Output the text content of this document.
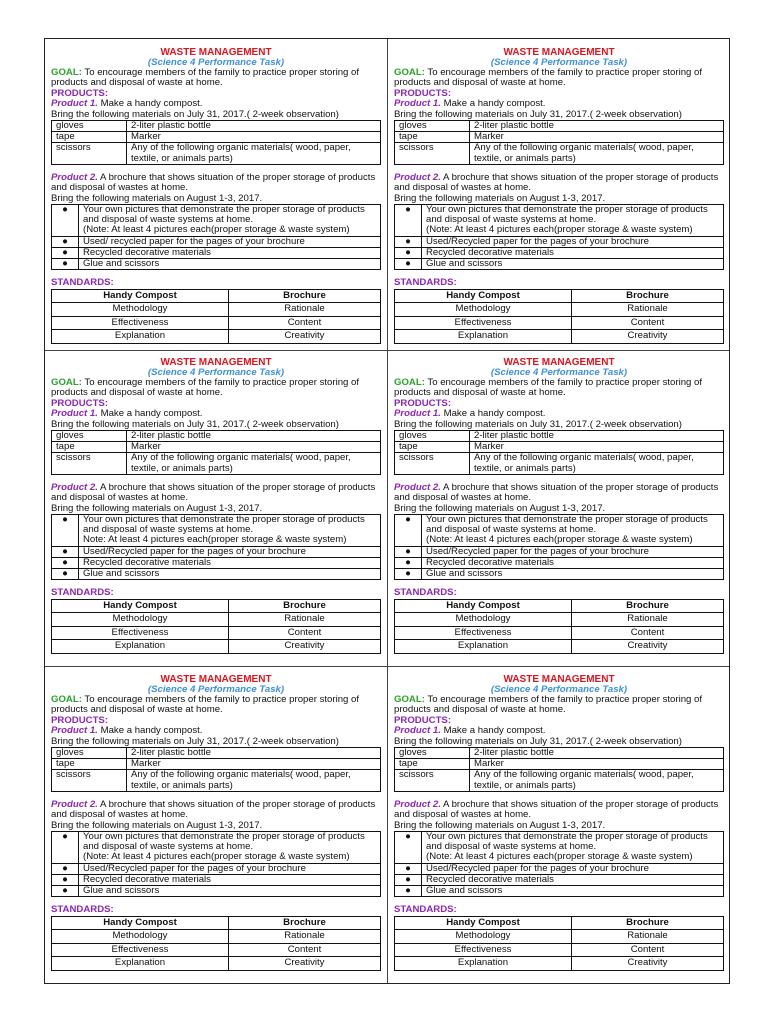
WASTE MANAGEMENT
(Science 4 Performance Task)
GOAL: To encourage members of the family to practice proper storing of products and disposal of waste at home.
PRODUCTS:
Product 1. Make a handy compost.
Bring the following materials on July 31, 2017.( 2-week observation)
gloves	2-liter plastic bottle
tape	Marker
scissors	Any of the following organic materials( wood, paper, textile, or animals parts)
Product 2. A brochure that shows situation of the proper storage of products and disposal of wastes at home.
Bring the following materials on August 1-3, 2017.
●	Your own pictures that demonstrate the proper storage of products and disposal of waste systems at home.
(Note: At least 4 pictures each(proper storage & waste system)
●	Used/ recycled paper for the pages of your brochure
●	Recycled decorative materials
●	Glue and scissors
STANDARDS:
Handy Compost	Brochure
Methodology	Rationale
Effectiveness	Content
Explanation	Creativity
WASTE MANAGEMENT
(Science 4 Performance Task)
GOAL: To encourage members of the family to practice proper storing of products and disposal of waste at home.
PRODUCTS:
Product 1. Make a handy compost.
Bring the following materials on July 31, 2017.( 2-week observation)
gloves	2-liter plastic bottle
tape	Marker
scissors	Any of the following organic materials( wood, paper, textile, or animals parts)
Product 2. A brochure that shows situation of the proper storage of products and disposal of wastes at home.
Bring the following materials on August 1-3, 2017.
●	Your own pictures that demonstrate the proper storage of products and disposal of waste systems at home.
(Note: At least 4 pictures each(proper storage & waste system)
●	Used/Recycled paper for the pages of your brochure
●	Recycled decorative materials
●	Glue and scissors
STANDARDS:
Handy Compost	Brochure
Methodology	Rationale
Effectiveness	Content
Explanation	Creativity
WASTE MANAGEMENT
(Science 4 Performance Task)
GOAL: To encourage members of the family to practice proper storing of products and disposal of waste at home.
PRODUCTS:
Product 1. Make a handy compost.
Bring the following materials on July 31, 2017.( 2-week observation)
gloves	2-liter plastic bottle
tape	Marker
scissors	Any of the following organic materials( wood, paper, textile, or animals parts)
Product 2. A brochure that shows situation of the proper storage of products and disposal of wastes at home.
Bring the following materials on August 1-3, 2017.
●	Your own pictures that demonstrate the proper storage of products and disposal of waste systems at home.
Note: At least 4 pictures each(proper storage & waste system)
●	Used/Recycled paper for the pages of your brochure
●	Recycled decorative materials
●	Glue and scissors
STANDARDS:
Handy Compost	Brochure
Methodology	Rationale
Effectiveness	Content
Explanation	Creativity
WASTE MANAGEMENT
(Science 4 Performance Task)
GOAL: To encourage members of the family to practice proper storing of products and disposal of waste at home.
PRODUCTS:
Product 1. Make a handy compost.
Bring the following materials on July 31, 2017.( 2-week observation)
gloves	2-liter plastic bottle
tape	Marker
scissors	Any of the following organic materials( wood, paper, textile, or animals parts)
Product 2. A brochure that shows situation of the proper storage of products and disposal of wastes at home.
Bring the following materials on August 1-3, 2017.
●	Your own pictures that demonstrate the proper storage of products and disposal of waste systems at home.
(Note: At least 4 pictures each(proper storage & waste system)
●	Used/Recycled paper for the pages of your brochure
●	Recycled decorative materials
●	Glue and scissors
STANDARDS:
Handy Compost	Brochure
Methodology	Rationale
Effectiveness	Content
Explanation	Creativity
WASTE MANAGEMENT
(Science 4 Performance Task)
GOAL: To encourage members of the family to practice proper storing of products and disposal of waste at home.
PRODUCTS:
Product 1. Make a handy compost.
Bring the following materials on July 31, 2017.( 2-week observation)
gloves	2-liter plastic bottle
tape	Marker
scissors	Any of the following organic materials( wood, paper, textile, or animals parts)
Product 2. A brochure that shows situation of the proper storage of products and disposal of wastes at home.
Bring the following materials on August 1-3, 2017.
●	Your own pictures that demonstrate the proper storage of products and disposal of waste systems at home.
(Note: At least 4 pictures each(proper storage & waste system)
●	Used/Recycled paper for the pages of your brochure
●	Recycled decorative materials
●	Glue and scissors
STANDARDS:
Handy Compost	Brochure
Methodology	Rationale
Effectiveness	Content
Explanation	Creativity
WASTE MANAGEMENT
(Science 4 Performance Task)
GOAL: To encourage members of the family to practice proper storing of products and disposal of waste at home.
PRODUCTS:
Product 1. Make a handy compost.
Bring the following materials on July 31, 2017.( 2-week observation)
gloves	2-liter plastic bottle
tape	Marker
scissors	Any of the following organic materials( wood, paper, textile, or animals parts)
Product 2. A brochure that shows situation of the proper storage of products and disposal of wastes at home.
Bring the following materials on August 1-3, 2017.
●	Your own pictures that demonstrate the proper storage of products and disposal of waste systems at home.
(Note: At least 4 pictures each(proper storage & waste system)
●	Used/Recycled paper for the pages of your brochure
●	Recycled decorative materials
●	Glue and scissors
STANDARDS:
Handy Compost	Brochure
Methodology	Rationale
Effectiveness	Content
Explanation	Creativity
